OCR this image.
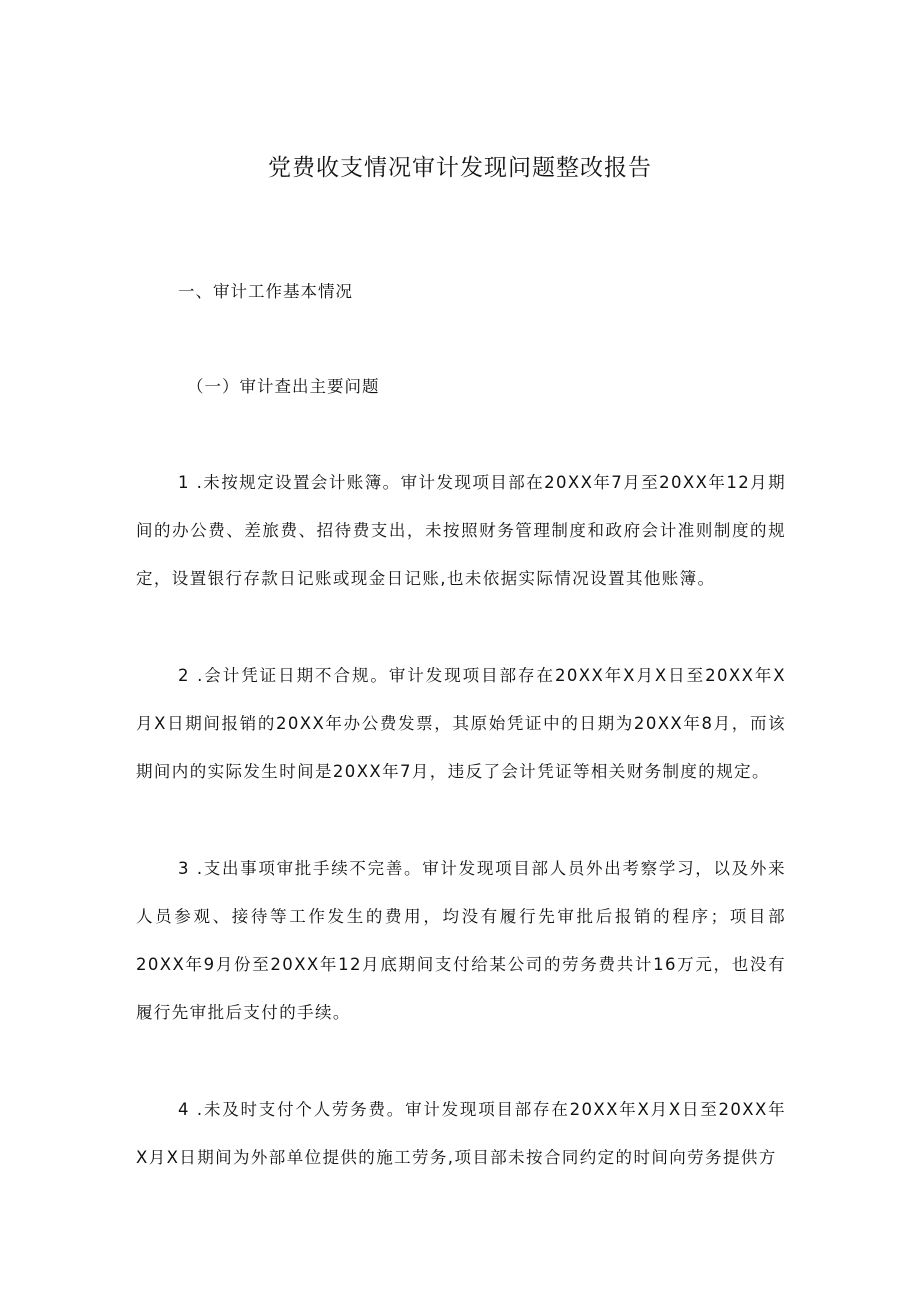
党费收支情况审计发现问题整改报告
一、审计工作基本情况
（一）审计查出主要问题
1 .未按规定设置会计账簿。审计发现项目部在20XX年7月至20XX年12月期间的办公费、差旅费、招待费支出，未按照财务管理制度和政府会计准则制度的规定，设置银行存款日记账或现金日记账,也未依据实际情况设置其他账簿。
2 .会计凭证日期不合规。审计发现项目部存在20XX年X月X日至20XX年X月X日期间报销的20XX年办公费发票，其原始凭证中的日期为20XX年8月，而该期间内的实际发生时间是20XX年7月，违反了会计凭证等相关财务制度的规定。
3 .支出事项审批手续不完善。审计发现项目部人员外出考察学习，以及外来人员参观、接待等工作发生的费用，均没有履行先审批后报销的程序；项目部20XX年9月份至20XX年12月底期间支付给某公司的劳务费共计16万元，也没有履行先审批后支付的手续。
4 .未及时支付个人劳务费。审计发现项目部存在20XX年X月X日至20XX年X月X日期间为外部单位提供的施工劳务,项目部未按合同约定的时间向劳务提供方
